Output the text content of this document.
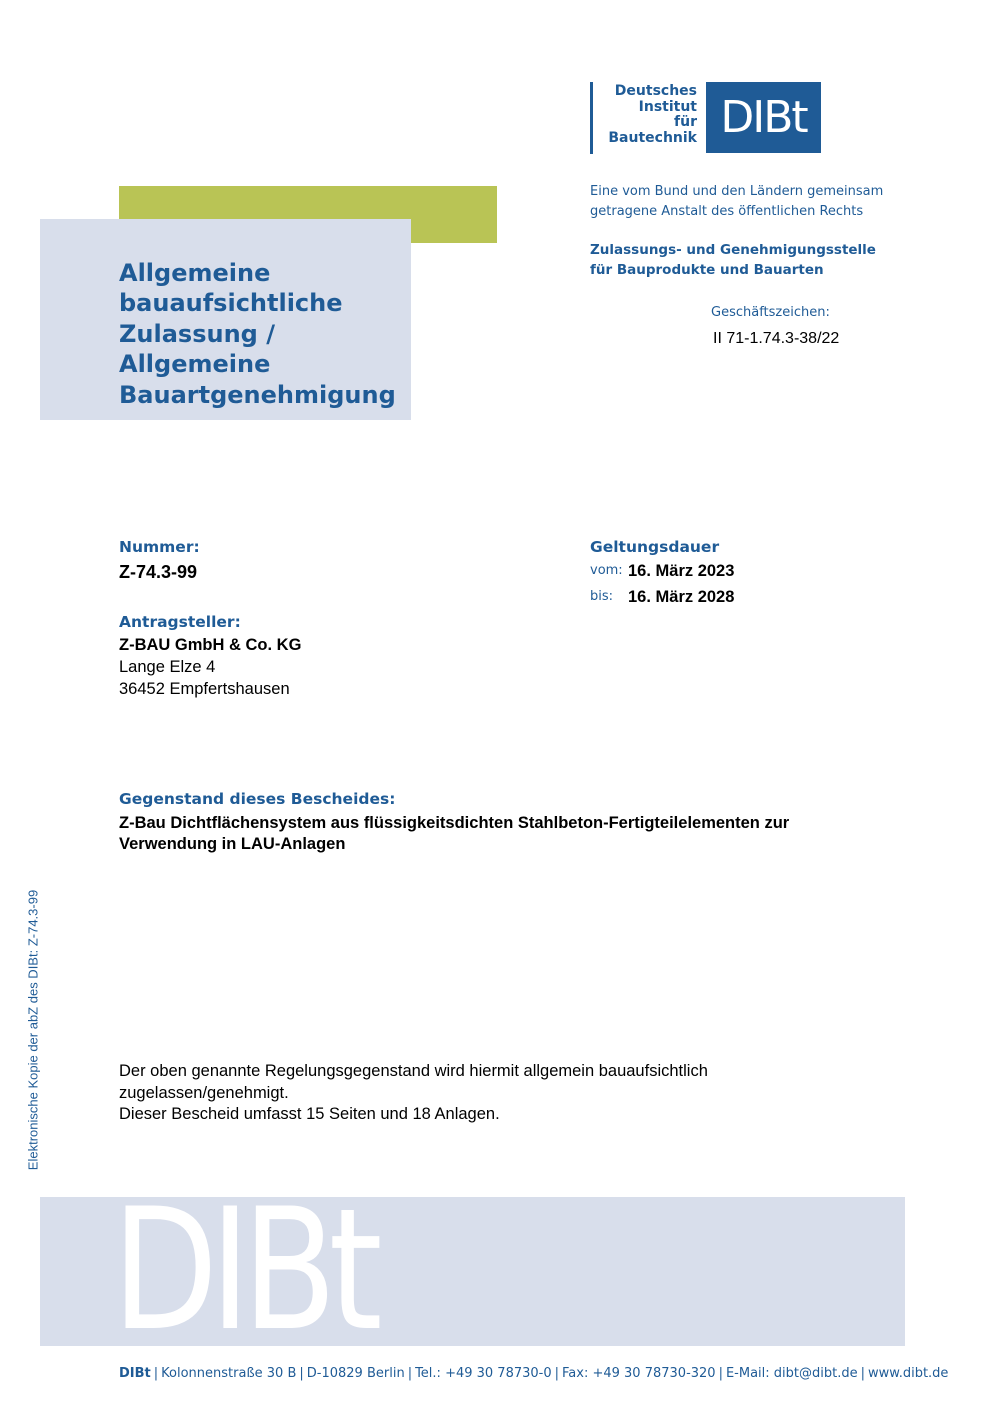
Deutsches
Institut
für
Bautechnik DIBt
Allgemeine
bauaufsichtliche
Zulassung /
Allgemeine
Bauartgenehmigung
Eine vom Bund und den Ländern gemeinsam
getragene Anstalt des öffentlichen Rechts
Zulassungs- und Genehmigungsstelle
für Bauprodukte und Bauarten
Geschäftszeichen:
II 71-1.74.3-38/22
Nummer:
Z-74.3-99
Geltungsdauer
vom: 16. März 2023
bis: 16. März 2028
Antragsteller:
Z-BAU GmbH & Co. KG
Lange Elze 4
36452 Empfertshausen
Gegenstand dieses Bescheides:
Z-Bau Dichtflächensystem aus flüssigkeitsdichten Stahlbeton-Fertigteilelementen zur
Verwendung in LAU-Anlagen
Der oben genannte Regelungsgegenstand wird hiermit allgemein bauaufsichtlich
zugelassen/genehmigt.
Dieser Bescheid umfasst 15 Seiten und 18 Anlagen.
Elektronische Kopie der abZ des DIBt: Z-74.3-99
DIBt
DIBt | Kolonnenstraße 30 B | D-10829 Berlin | Tel.: +49 30 78730-0 | Fax: +49 30 78730-320 | E-Mail: dibt@dibt.de | www.dibt.de
